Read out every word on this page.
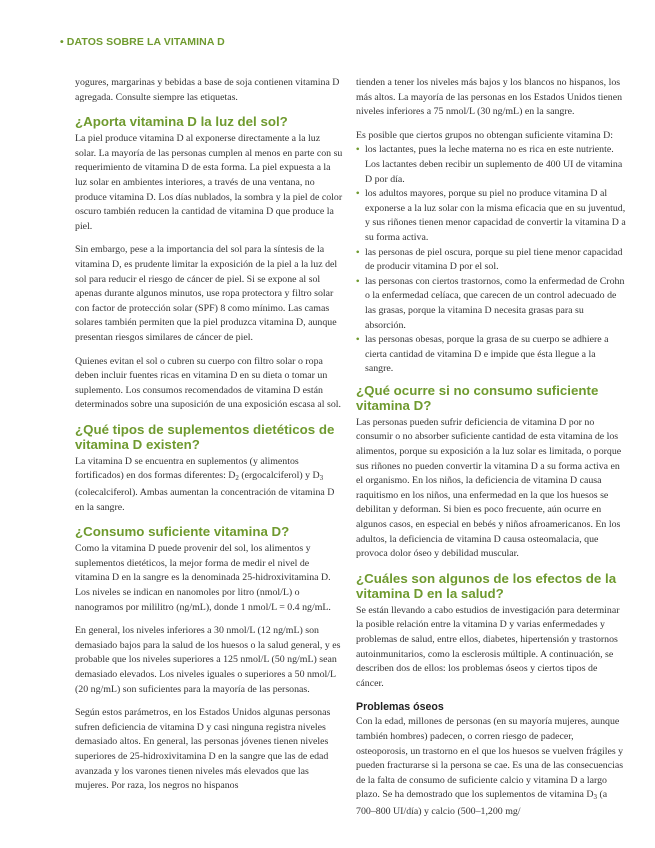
• DATOS SOBRE LA VITAMINA D

yogures, margarinas y bebidas a base de soja contienen vitamina D agregada. Consulte siempre las etiquetas.

¿Aporta vitamina D la luz del sol?

La piel produce vitamina D al exponerse directamente a la luz solar. La mayoría de las personas cumplen al menos en parte con su requerimiento de vitamina D de esta forma. La piel expuesta a la luz solar en ambientes interiores, a través de una ventana, no produce vitamina D. Los días nublados, la sombra y la piel de color oscuro también reducen la cantidad de vitamina D que produce la piel.

Sin embargo, pese a la importancia del sol para la síntesis de la vitamina D, es prudente limitar la exposición de la piel a la luz del sol para reducir el riesgo de cáncer de piel. Si se expone al sol apenas durante algunos minutos, use ropa protectora y filtro solar con factor de protección solar (SPF) 8 como mínimo. Las camas solares también permiten que la piel produzca vitamina D, aunque presentan riesgos similares de cáncer de piel.

Quienes evitan el sol o cubren su cuerpo con filtro solar o ropa deben incluir fuentes ricas en vitamina D en su dieta o tomar un suplemento. Los consumos recomendados de vitamina D están determinados sobre una suposición de una exposición escasa al sol.

¿Qué tipos de suplementos dietéticos de vitamina D existen?

La vitamina D se encuentra en suplementos (y alimentos fortificados) en dos formas diferentes: $D_2$ (ergocalciferol) y $D_3$ (colecalciferol). Ambas aumentan la concentración de vitamina D en la sangre.

¿Consumo suficiente vitamina D?

Como la vitamina D puede provenir del sol, los alimentos y suplementos dietéticos, la mejor forma de medir el nivel de vitamina D en la sangre es la denominada 25-hidroxivitamina D. Los niveles se indican en nanomoles por litro (nmol/L) o nanogramos por mililitro (ng/mL), donde 1 nmol/L = 0.4 ng/mL.

En general, los niveles inferiores a 30 nmol/L (12 ng/mL) son demasiado bajos para la salud de los huesos o la salud general, y es probable que los niveles superiores a 125 nmol/L (50 ng/mL) sean demasiado elevados. Los niveles iguales o superiores a 50 nmol/L (20 ng/mL) son suficientes para la mayoría de las personas.

Según estos parámetros, en los Estados Unidos algunas personas sufren deficiencia de vitamina D y casi ninguna registra niveles demasiado altos. En general, las personas jóvenes tienen niveles superiores de 25-hidroxivitamina D en la sangre que las de edad avanzada y los varones tienen niveles más elevados que las mujeres. Por raza, los negros no hispanos

tienden a tener los niveles más bajos y los blancos no hispanos, los más altos. La mayoría de las personas en los Estados Unidos tienen niveles inferiores a 75 nmol/L (30 ng/mL) en la sangre.

Es posible que ciertos grupos no obtengan suficiente vitamina D:

• los lactantes, pues la leche materna no es rica en este nutriente. Los lactantes deben recibir un suplemento de 400 UI de vitamina D por día.
• los adultos mayores, porque su piel no produce vitamina D al exponerse a la luz solar con la misma eficacia que en su juventud, y sus riñones tienen menor capacidad de convertir la vitamina D a su forma activa.
• las personas de piel oscura, porque su piel tiene menor capacidad de producir vitamina D por el sol.
• las personas con ciertos trastornos, como la enfermedad de Crohn o la enfermedad celíaca, que carecen de un control adecuado de las grasas, porque la vitamina D necesita grasas para su absorción.
• las personas obesas, porque la grasa de su cuerpo se adhiere a cierta cantidad de vitamina D e impide que ésta llegue a la sangre.
¿Qué ocurre si no consumo suficiente vitamina D?

Las personas pueden sufrir deficiencia de vitamina D por no consumir o no absorber suficiente cantidad de esta vitamina de los alimentos, porque su exposición a la luz solar es limitada, o porque sus riñones no pueden convertir la vitamina D a su forma activa en el organismo. En los niños, la deficiencia de vitamina D causa raquitismo en los niños, una enfermedad en la que los huesos se debilitan y deforman. Si bien es poco frecuente, aún ocurre en algunos casos, en especial en bebés y niños afroamericanos. En los adultos, la deficiencia de vitamina D causa osteomalacia, que provoca dolor óseo y debilidad muscular.

¿Cuáles son algunos de los efectos de la vitamina D en la salud?

Se están llevando a cabo estudios de investigación para determinar la posible relación entre la vitamina D y varias enfermedades y problemas de salud, entre ellos, diabetes, hipertensión y trastornos autoinmunitarios, como la esclerosis múltiple. A continuación, se describen dos de ellos: los problemas óseos y ciertos tipos de cáncer.

Problemas óseos

Con la edad, millones de personas (en su mayoría mujeres, aunque también hombres) padecen, o corren riesgo de padecer, osteoporosis, un trastorno en el que los huesos se vuelven frágiles y pueden fracturarse si la persona se cae. Es una de las consecuencias de la falta de consumo de suficiente calcio y vitamina D a largo plazo. Se ha demostrado que los suplementos de vitamina $D_3$ (a 700–800 UI/día) y calcio (500–1,200 mg/
